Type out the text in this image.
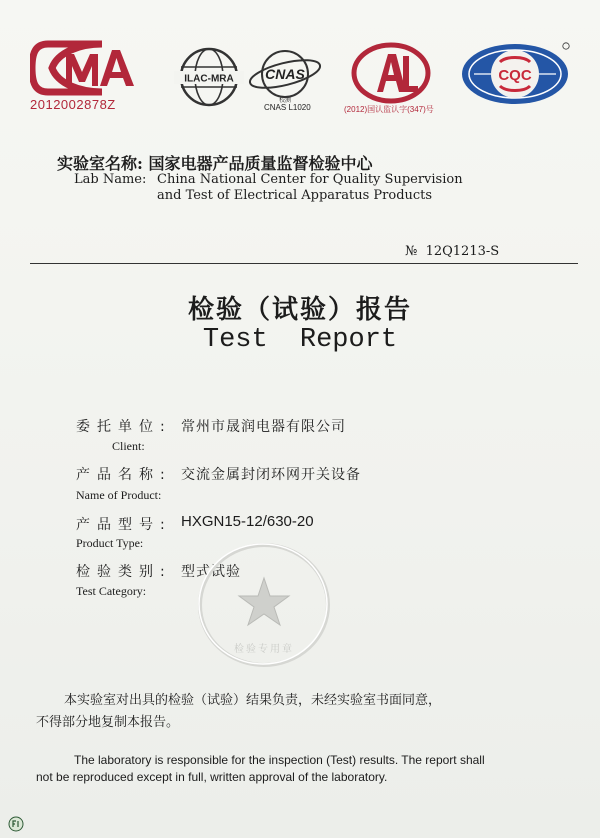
2012002878Z
ILAC-MRA CNAS
校测
CNAS L1020	(2012)国认监认字(347)号
CQC
实验室名称: 国家电器产品质量监督检验中心
Lab Name: China National Center for Quality Supervision
and Test of Electrical Apparatus Products
№ 12Q1213-S
检验（试验）报告
Test Report
委托单位: 常州市晟润电器有限公司
Client:
产品名称: 交流金属封闭环网开关设备
Name of Product:
产品型号: HXGN15-12/630-20
Product Type:
检验类别: 型式试验
Test Category:
检验专用章
本实验室对出具的检验（试验）结果负责，未经实验室书面同意，
不得部分地复制本报告。
The laboratory is responsible for the inspection (Test) results. The report shall
not be reproduced except in full, written approval of the laboratory.
